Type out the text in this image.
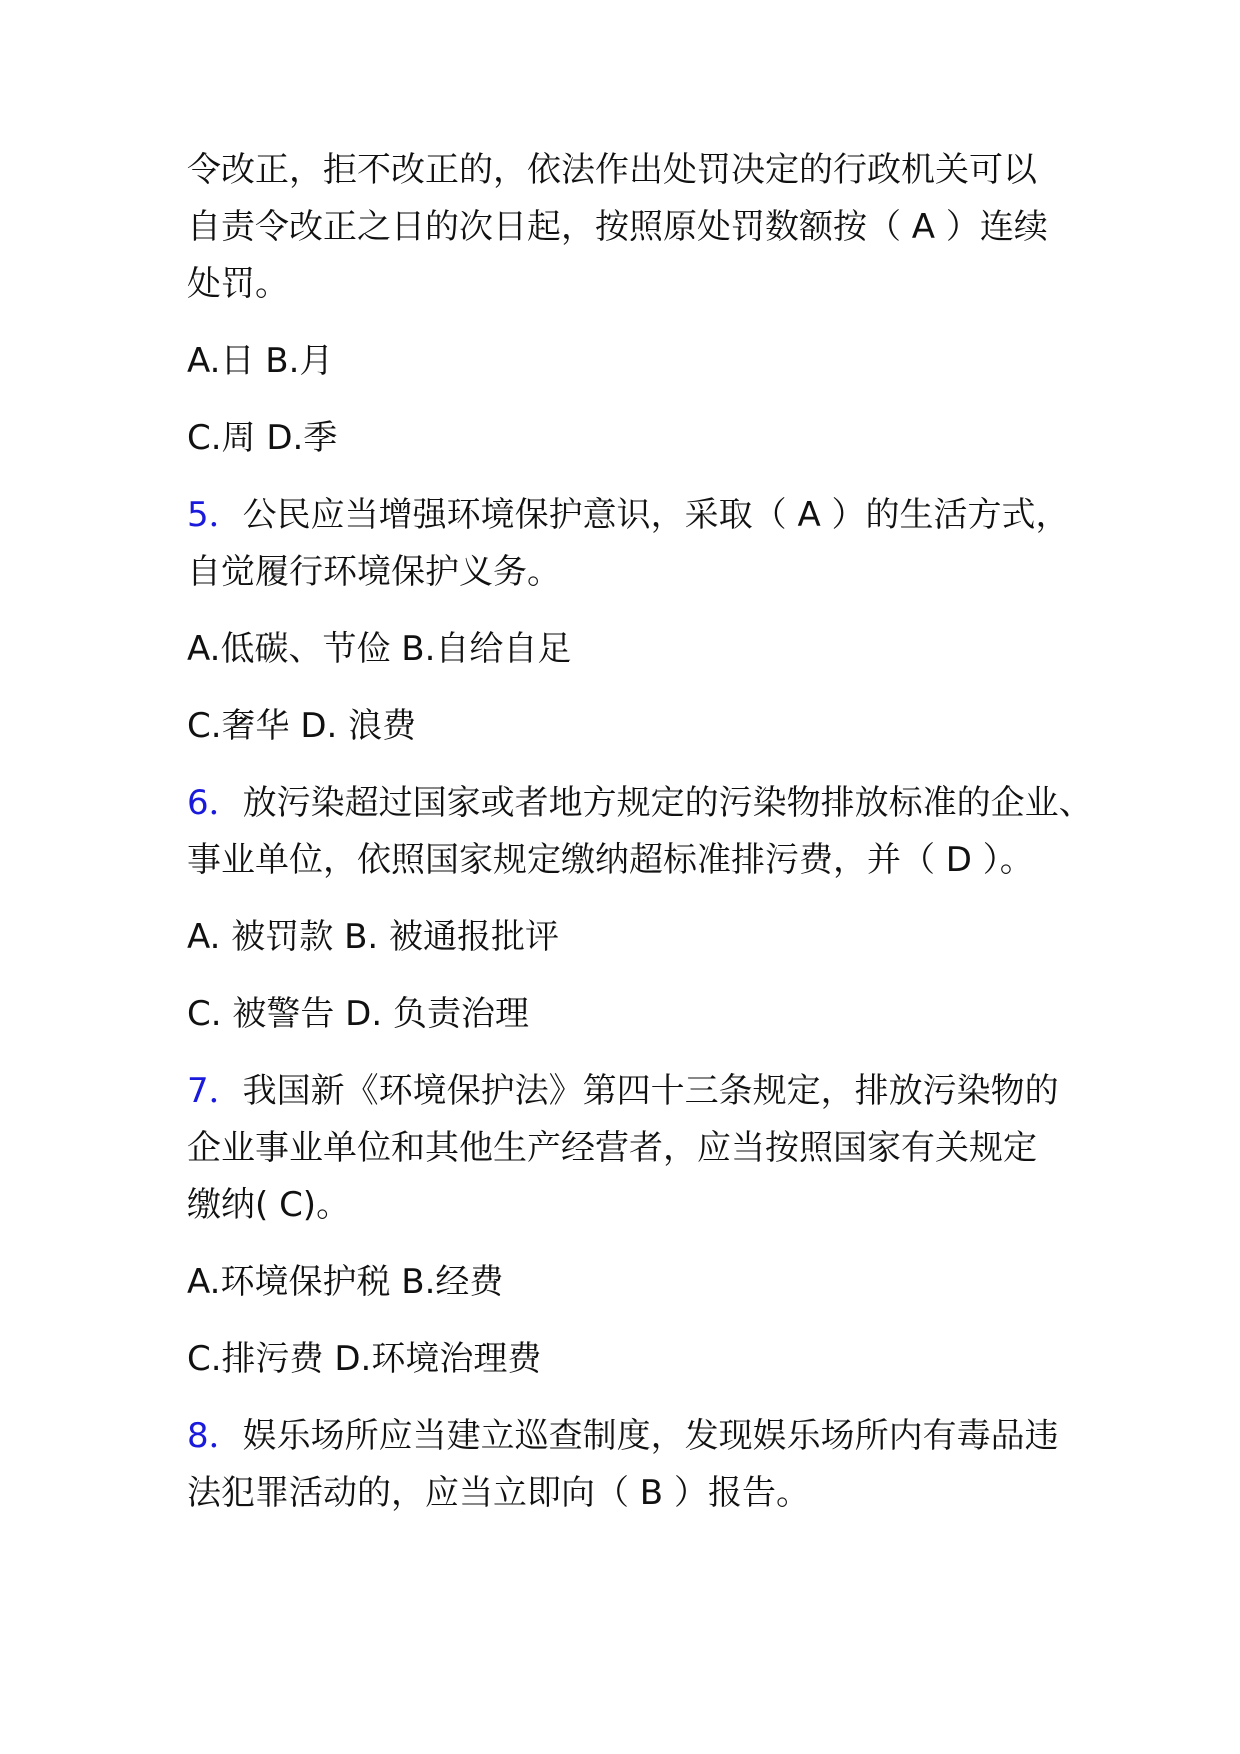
令改正，拒不改正的，依法作出处罚决定的行政机关可以
自责令改正之日的次日起，按照原处罚数额按（ A ）连续
处罚。
A.日 B.月
C.周 D.季
5．公民应当增强环境保护意识，采取（ A ）的生活方式，
自觉履行环境保护义务。
A.低碳、节俭 B.自给自足
C.奢华 D. 浪费
6．放污染超过国家或者地方规定的污染物排放标准的企业、
事业单位，依照国家规定缴纳超标准排污费，并（ D ）。
A. 被罚款 B. 被通报批评
C. 被警告 D. 负责治理
7．我国新《环境保护法》第四十三条规定，排放污染物的
企业事业单位和其他生产经营者，应当按照国家有关规定
缴纳( C)。
A.环境保护税 B.经费
C.排污费 D.环境治理费
8．娱乐场所应当建立巡查制度，发现娱乐场所内有毒品违
法犯罪活动的，应当立即向（ B ）报告。
